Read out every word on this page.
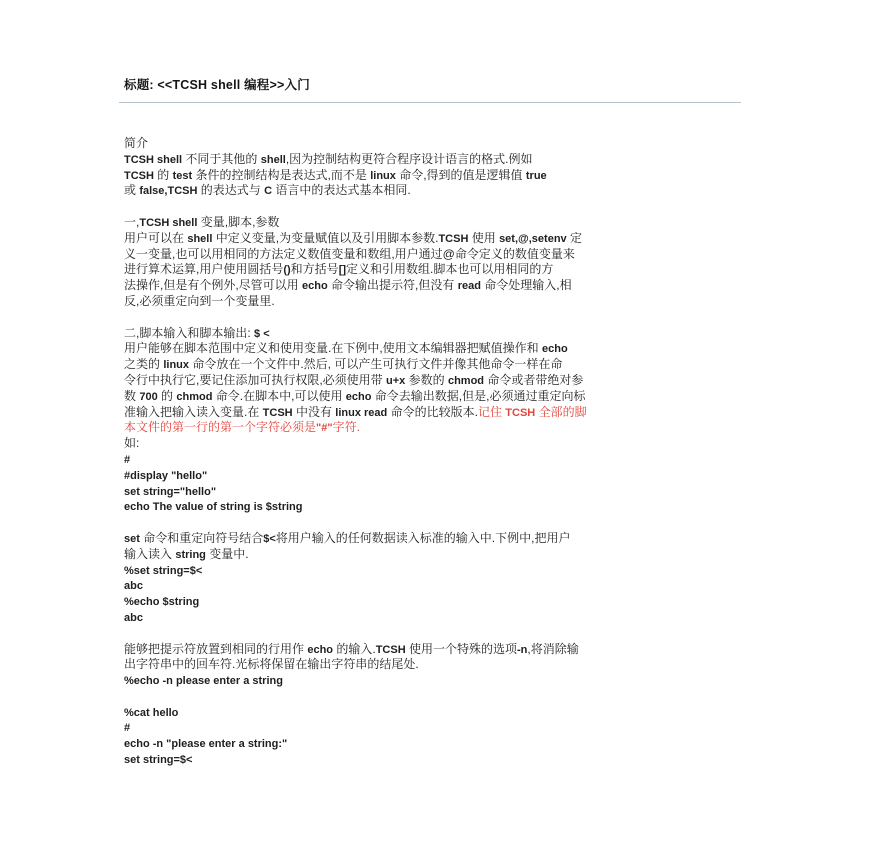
标题: <<TCSH shell 编程>>入门
简介
TCSH shell 不同于其他的 shell,因为控制结构更符合程序设计语言的格式.例如
TCSH 的 test 条件的控制结构是表达式,而不是 linux 命令,得到的值是逻辑值 true
或 false,TCSH 的表达式与 C 语言中的表达式基本相同.

一,TCSH shell 变量,脚本,参数
用户可以在 shell 中定义变量,为变量赋值以及引用脚本参数.TCSH 使用 set,@,setenv 定
义一变量,也可以用相同的方法定义数值变量和数组,用户通过@命令定义的数值变量来
进行算术运算,用户使用圆括号()和方括号[]定义和引用数组.脚本也可以用相同的方
法操作,但是有个例外,尽管可以用 echo 命令输出提示符,但没有 read 命令处理输入,相
反,必须重定向到一个变量里.

二,脚本输入和脚本输出: $ <
用户能够在脚本范围中定义和使用变量.在下例中,使用文本编辑器把赋值操作和 echo
之类的 linux 命令放在一个文件中.然后, 可以产生可执行文件并像其他命令一样在命
令行中执行它,要记住添加可执行权限,必须使用带 u+x 参数的 chmod 命令或者带绝对参
数 700 的 chmod 命令.在脚本中,可以使用 echo 命令去输出数据,但是,必须通过重定向标
准输入把输入读入变量.在 TCSH 中没有 linux read 命令的比较版本.记住 TCSH 全部的脚
本文件的第一行的第一个字符必须是"#"字符.
如:
#
#display "hello"
set string="hello"
echo The value of string is $string

set 命令和重定向符号结合$<将用户输入的任何数据读入标准的输入中.下例中,把用户
输入读入 string 变量中.
%set string=$<
abc
%echo $string
abc

能够把提示符放置到相同的行用作 echo 的输入.TCSH 使用一个特殊的选项-n,将消除输
出字符串中的回车符.光标将保留在输出字符串的结尾处.
%echo -n please enter a string

%cat hello
#
echo -n "please enter a string:"
set string=$<
